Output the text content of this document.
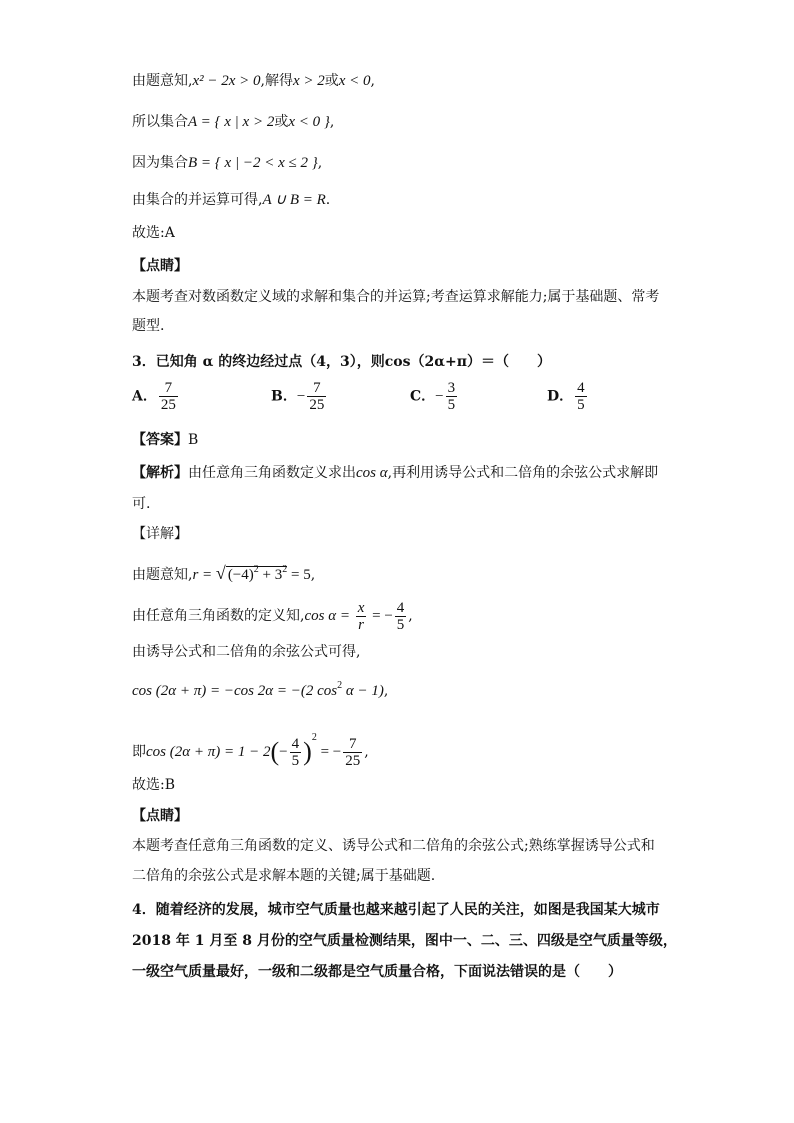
由题意知,x² − 2x > 0,解得x > 2或x < 0,
所以集合A = { x | x > 2或x < 0 },
因为集合B = { x | −2 < x ≤ 2 },
由集合的并运算可得,A ∪ B = R.
故选:A
【点睛】
本题考查对数函数定义域的求解和集合的并运算;考查运算求解能力;属于基础题、常考
题型.
3．已知角 α 的终边经过点（4，3），则cos（2α+π）＝（　　）
A． $\frac{7}{25}$	B．− $\frac{7}{25}$	C．− $\frac{3}{5}$	D． $\frac{4}{5}$
【答案】B
【解析】由任意角三角函数定义求出cos α,再利用诱导公式和二倍角的余弦公式求解即
可.
【详解】
由题意知,r = √ $(-4)^2 + 3^2 = 5$,
由任意角三角函数的定义知,cos $\alpha = \frac{x}{r}$ = − $\frac{4}{5}$ ,
由诱导公式和二倍角的余弦公式可得,
cos (2α + π) = −cos 2α = −(2 $\cos^2 \alpha - 1$),
即$\cos (2\alpha + \pi) = 1 - 2(- \frac{4}{5} )^2$ = − $\frac{7}{25}$ ,
故选:B
【点睛】
本题考查任意角三角函数的定义、诱导公式和二倍角的余弦公式;熟练掌握诱导公式和
二倍角的余弦公式是求解本题的关键;属于基础题.
4．随着经济的发展，城市空气质量也越来越引起了人民的关注，如图是我国某大城市
2018 年 1 月至 8 月份的空气质量检测结果，图中一、二、三、四级是空气质量等级，
一级空气质量最好，一级和二级都是空气质量合格，下面说法错误的是（　　）
